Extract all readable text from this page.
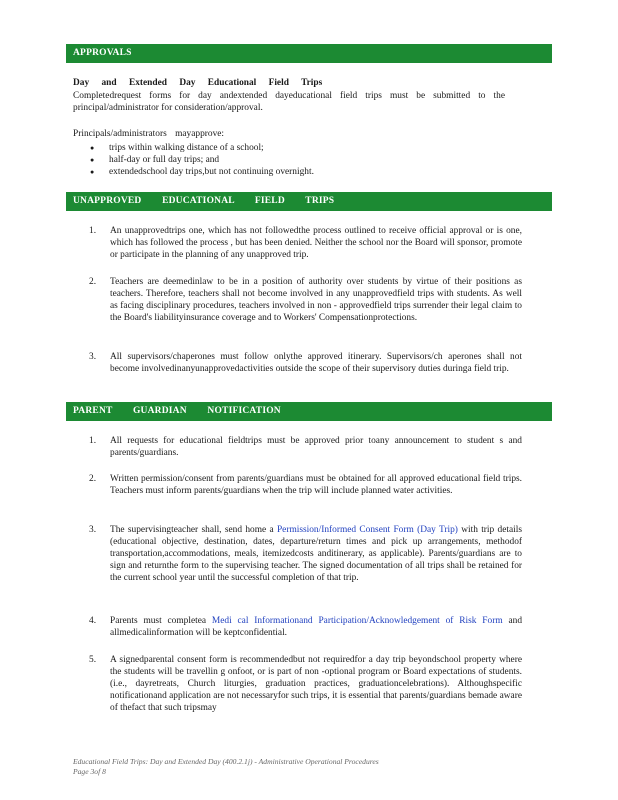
APPROVALS
Day and Extended Day Educational Field Trips
Completedrequest forms for day andextended dayeducational field trips must be submitted to the principal/administrator for consideration/approval.
Principals/administrators mayapprove:
● trips within walking distance of a school;
● half-day or full day trips; and
● extendedschool day trips,but not continuing overnight.
UNAPPROVED EDUCATIONAL FIELD TRIPS
1.	An unapprovedtrips one, which has not followedthe process outlined to receive official approval or is one, which has followed the process , but has been denied. Neither the school nor the Board will sponsor, promote or participate in the planning of any unapproved trip.
2.	Teachers are deemedinlaw to be in a position of authority over students by virtue of their positions as teachers. Therefore, teachers shall not become involved in any unapprovedfield trips with students. As well as facing disciplinary procedures, teachers involved in non - approvedfield trips surrender their legal claim to the Board's liabilityinsurance coverage and to Workers' Compensationprotections.
3.	All supervisors/chaperones must follow onlythe approved itinerary. Supervisors/ch aperones shall not become involvedinanyunapprovedactivities outside the scope of their supervisory duties duringa field trip.
PARENT GUARDIAN NOTIFICATION
1.	All requests for educational fieldtrips must be approved prior toany announcement to student s and parents/guardians.
2.	Written permission/consent from parents/guardians must be obtained for all approved educational field trips. Teachers must inform parents/guardians when the trip will include planned water activities.
3.	The supervisingteacher shall, send home a Permission/Informed Consent Form (Day Trip) with trip details (educational objective, destination, dates, departure/return times and pick up arrangements, methodof transportation,accommodations, meals, itemizedcosts anditinerary, as applicable). Parents/guardians are to sign and returnthe form to the supervising teacher. The signed documentation of all trips shall be retained for the current school year until the successful completion of that trip.
4.	Parents must completea Medi cal Informationand Participation/Acknowledgement of Risk Form and allmedicalinformation will be keptconfidential.
5.	A signedparental consent form is recommendedbut not requiredfor a day trip beyondschool property where the students will be travellin g onfoot, or is part of non -optional program or Board expectations of students. (i.e., dayretreats, Church liturgies, graduation practices, graduationcelebrations). Althoughspecific notificationand application are not necessaryfor such trips, it is essential that parents/guardians bemade aware of thefact that such tripsmay
Educational Field Trips: Day and Extended Day (400.2.1j) - Administrative Operational Procedures
Page 3of 8
